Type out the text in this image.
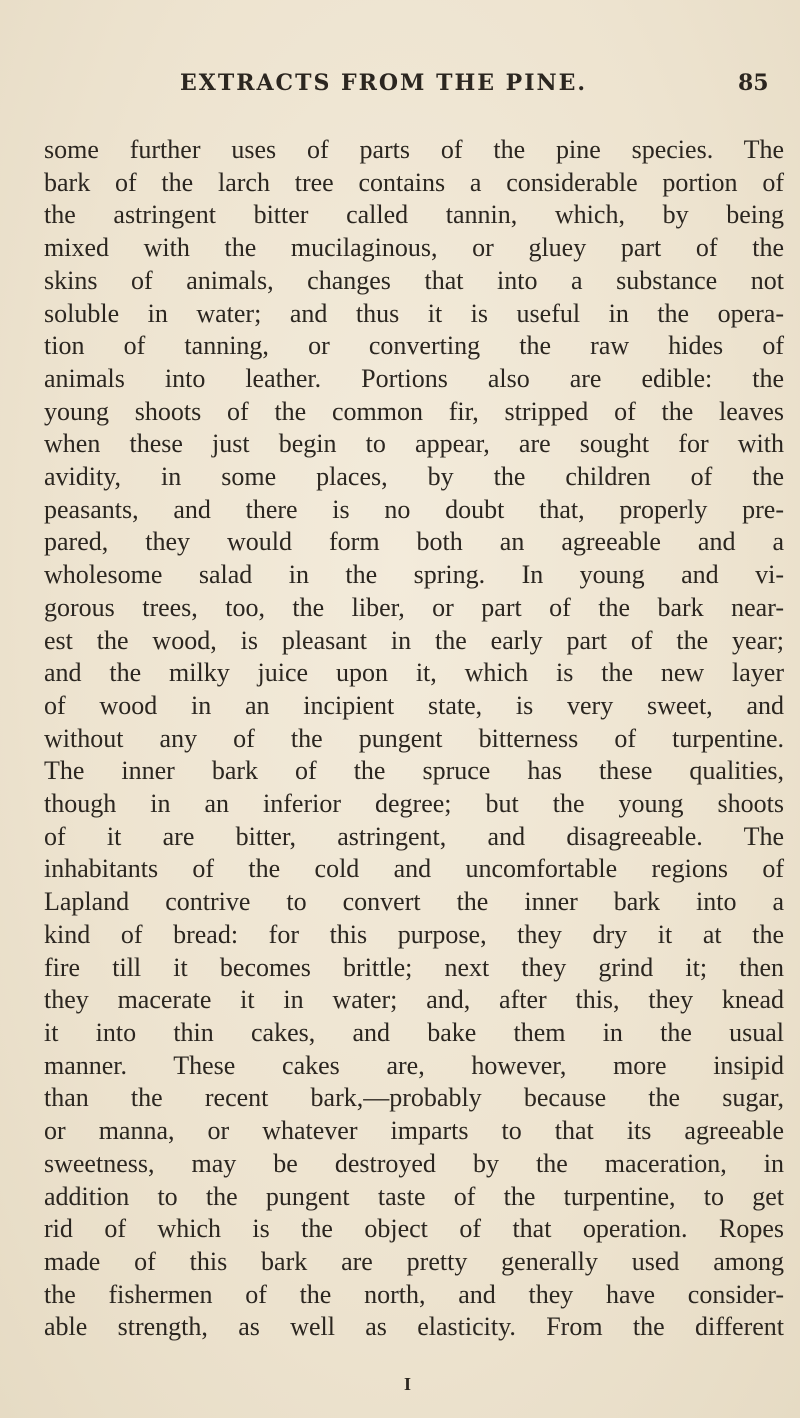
EXTRACTS FROM THE PINE.	85
some further uses of parts of the pine species. The
bark of the larch tree contains a considerable portion of
the astringent bitter called tannin, which, by being
mixed with the mucilaginous, or gluey part of the
skins of animals, changes that into a substance not
soluble in water; and thus it is useful in the opera-
tion of tanning, or converting the raw hides of
animals into leather. Portions also are edible: the
young shoots of the common fir, stripped of the leaves
when these just begin to appear, are sought for with
avidity, in some places, by the children of the
peasants, and there is no doubt that, properly pre-
pared, they would form both an agreeable and a
wholesome salad in the spring. In young and vi-
gorous trees, too, the liber, or part of the bark near-
est the wood, is pleasant in the early part of the year;
and the milky juice upon it, which is the new layer
of wood in an incipient state, is very sweet, and
without any of the pungent bitterness of turpentine.
The inner bark of the spruce has these qualities,
though in an inferior degree; but the young shoots
of it are bitter, astringent, and disagreeable. The
inhabitants of the cold and uncomfortable regions of
Lapland contrive to convert the inner bark into a
kind of bread: for this purpose, they dry it at the
fire till it becomes brittle; next they grind it; then
they macerate it in water; and, after this, they knead
it into thin cakes, and bake them in the usual
manner. These cakes are, however, more insipid
than the recent bark,—probably because the sugar,
or manna, or whatever imparts to that its agreeable
sweetness, may be destroyed by the maceration, in
addition to the pungent taste of the turpentine, to get
rid of which is the object of that operation. Ropes
made of this bark are pretty generally used among
the fishermen of the north, and they have consider-
able strength, as well as elasticity. From the different
I
